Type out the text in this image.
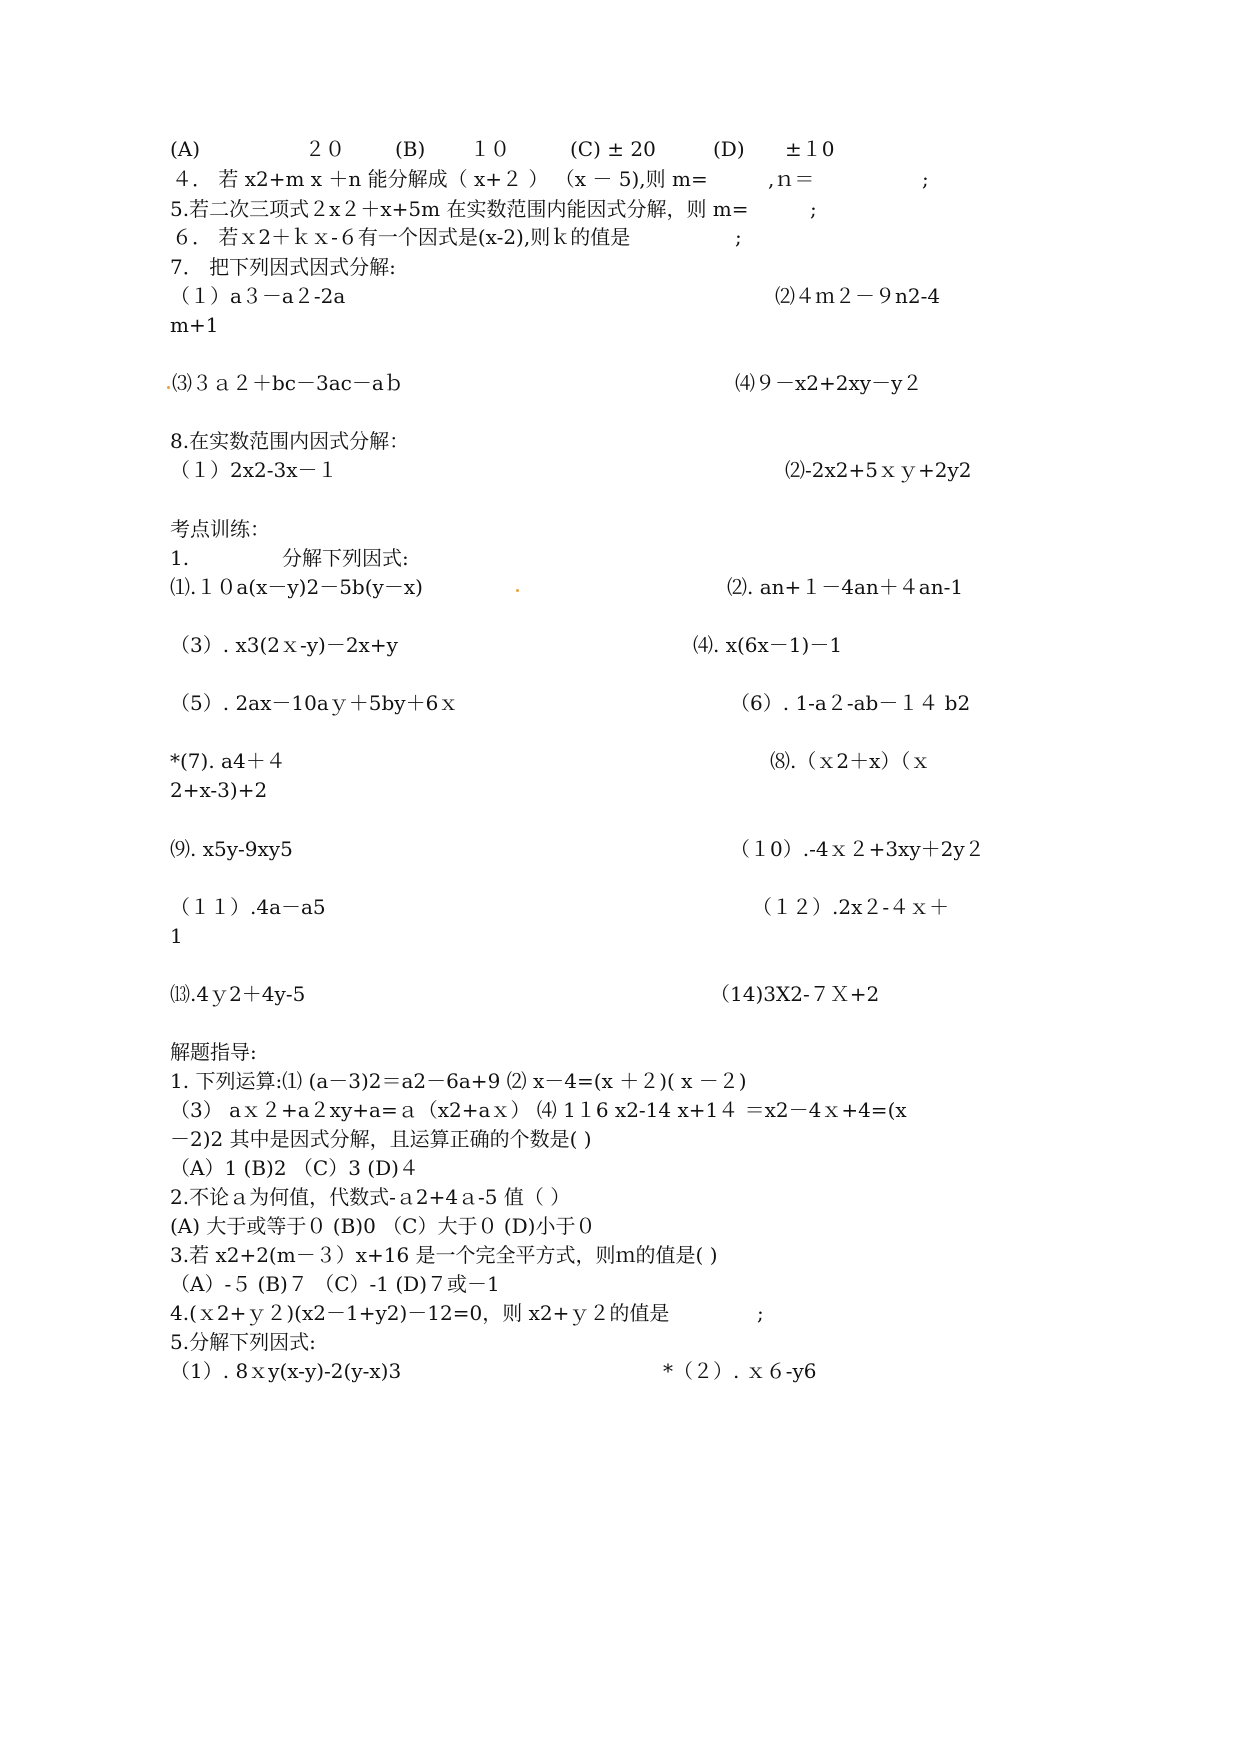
(A)	２０	(B) １０	(C) ± 20	(D) ±１0
４． 若 x2+m x ＋n 能分解成（ x+２ ） （x － 5),则 m=	,ｎ＝	;
5.若二次三项式２x２＋x+5m 在实数范围内能因式分解，则 m=	;
６． 若ｘ2＋ｋｘ-６有一个因式是(x-2),则ｋ的值是	;
7． 把下列因式因式分解:
（１）a３－a２-2a	⑵４ｍ２－９n2-4
m+1
⑶３ａ２＋bc－3ac－aｂ	⑷９－x2+2xy－y２
8.在实数范围内因式分解：
（１）2x2-3x－１	⑵-2x2+5ｘｙ+2y2
考点训练：
1.	分解下列因式:
⑴.１０a(x－y)2－5b(y－x)	⑵. an+１－4an＋４an-1
（3）. x3(2ｘ-y)－2x+y	⑷. x(6x－1)－1
（5）. 2ax－10aｙ＋5by＋6ｘ	（6）. 1-a２-ab－１４ b2
*(7). a4＋４	⑻.（ｘ2＋x）（ｘ
2+x-3)+2
⑼. x5y-9xy5	（１0）.-4ｘ２+3xy＋2y２
（１１）.4a－a5	（１２）.2x２-４ｘ＋
1
⒀.4ｙ2＋4y-5	（14)3X2-７Ｘ+2
解题指导:
1. 下列运算:⑴ (a－3)2＝a2－6a+9 ⑵ x－4=(x ＋２)( x －２)
（3） aｘ２+a２xy+a=ａ（x2+aｘ） ⑷ 1１6 x2-14 x+1４ ＝x2－4ｘ+4=(x
－2)2 其中是因式分解，且运算正确的个数是( )
（A）1 (B)2 （C）3 (D)４
2.不论ａ为何值，代数式-ａ2+4ａ-5 值（ ）
(A) 大于或等于０ (B)0 （C）大于０ (D)小于０
3.若 x2+2(m－３）x+16 是一个完全平方式，则ｍ的值是( )
（A）-５ (B)７ （C）-1 (D)７或－1
4.(ｘ2+ｙ２)(x2－1+y2)－12=0，则 x2+ｙ２的值是	;
5.分解下列因式:
（1）. 8ｘy(x-y)-2(y-x)3	*（２）. ｘ６-y6
